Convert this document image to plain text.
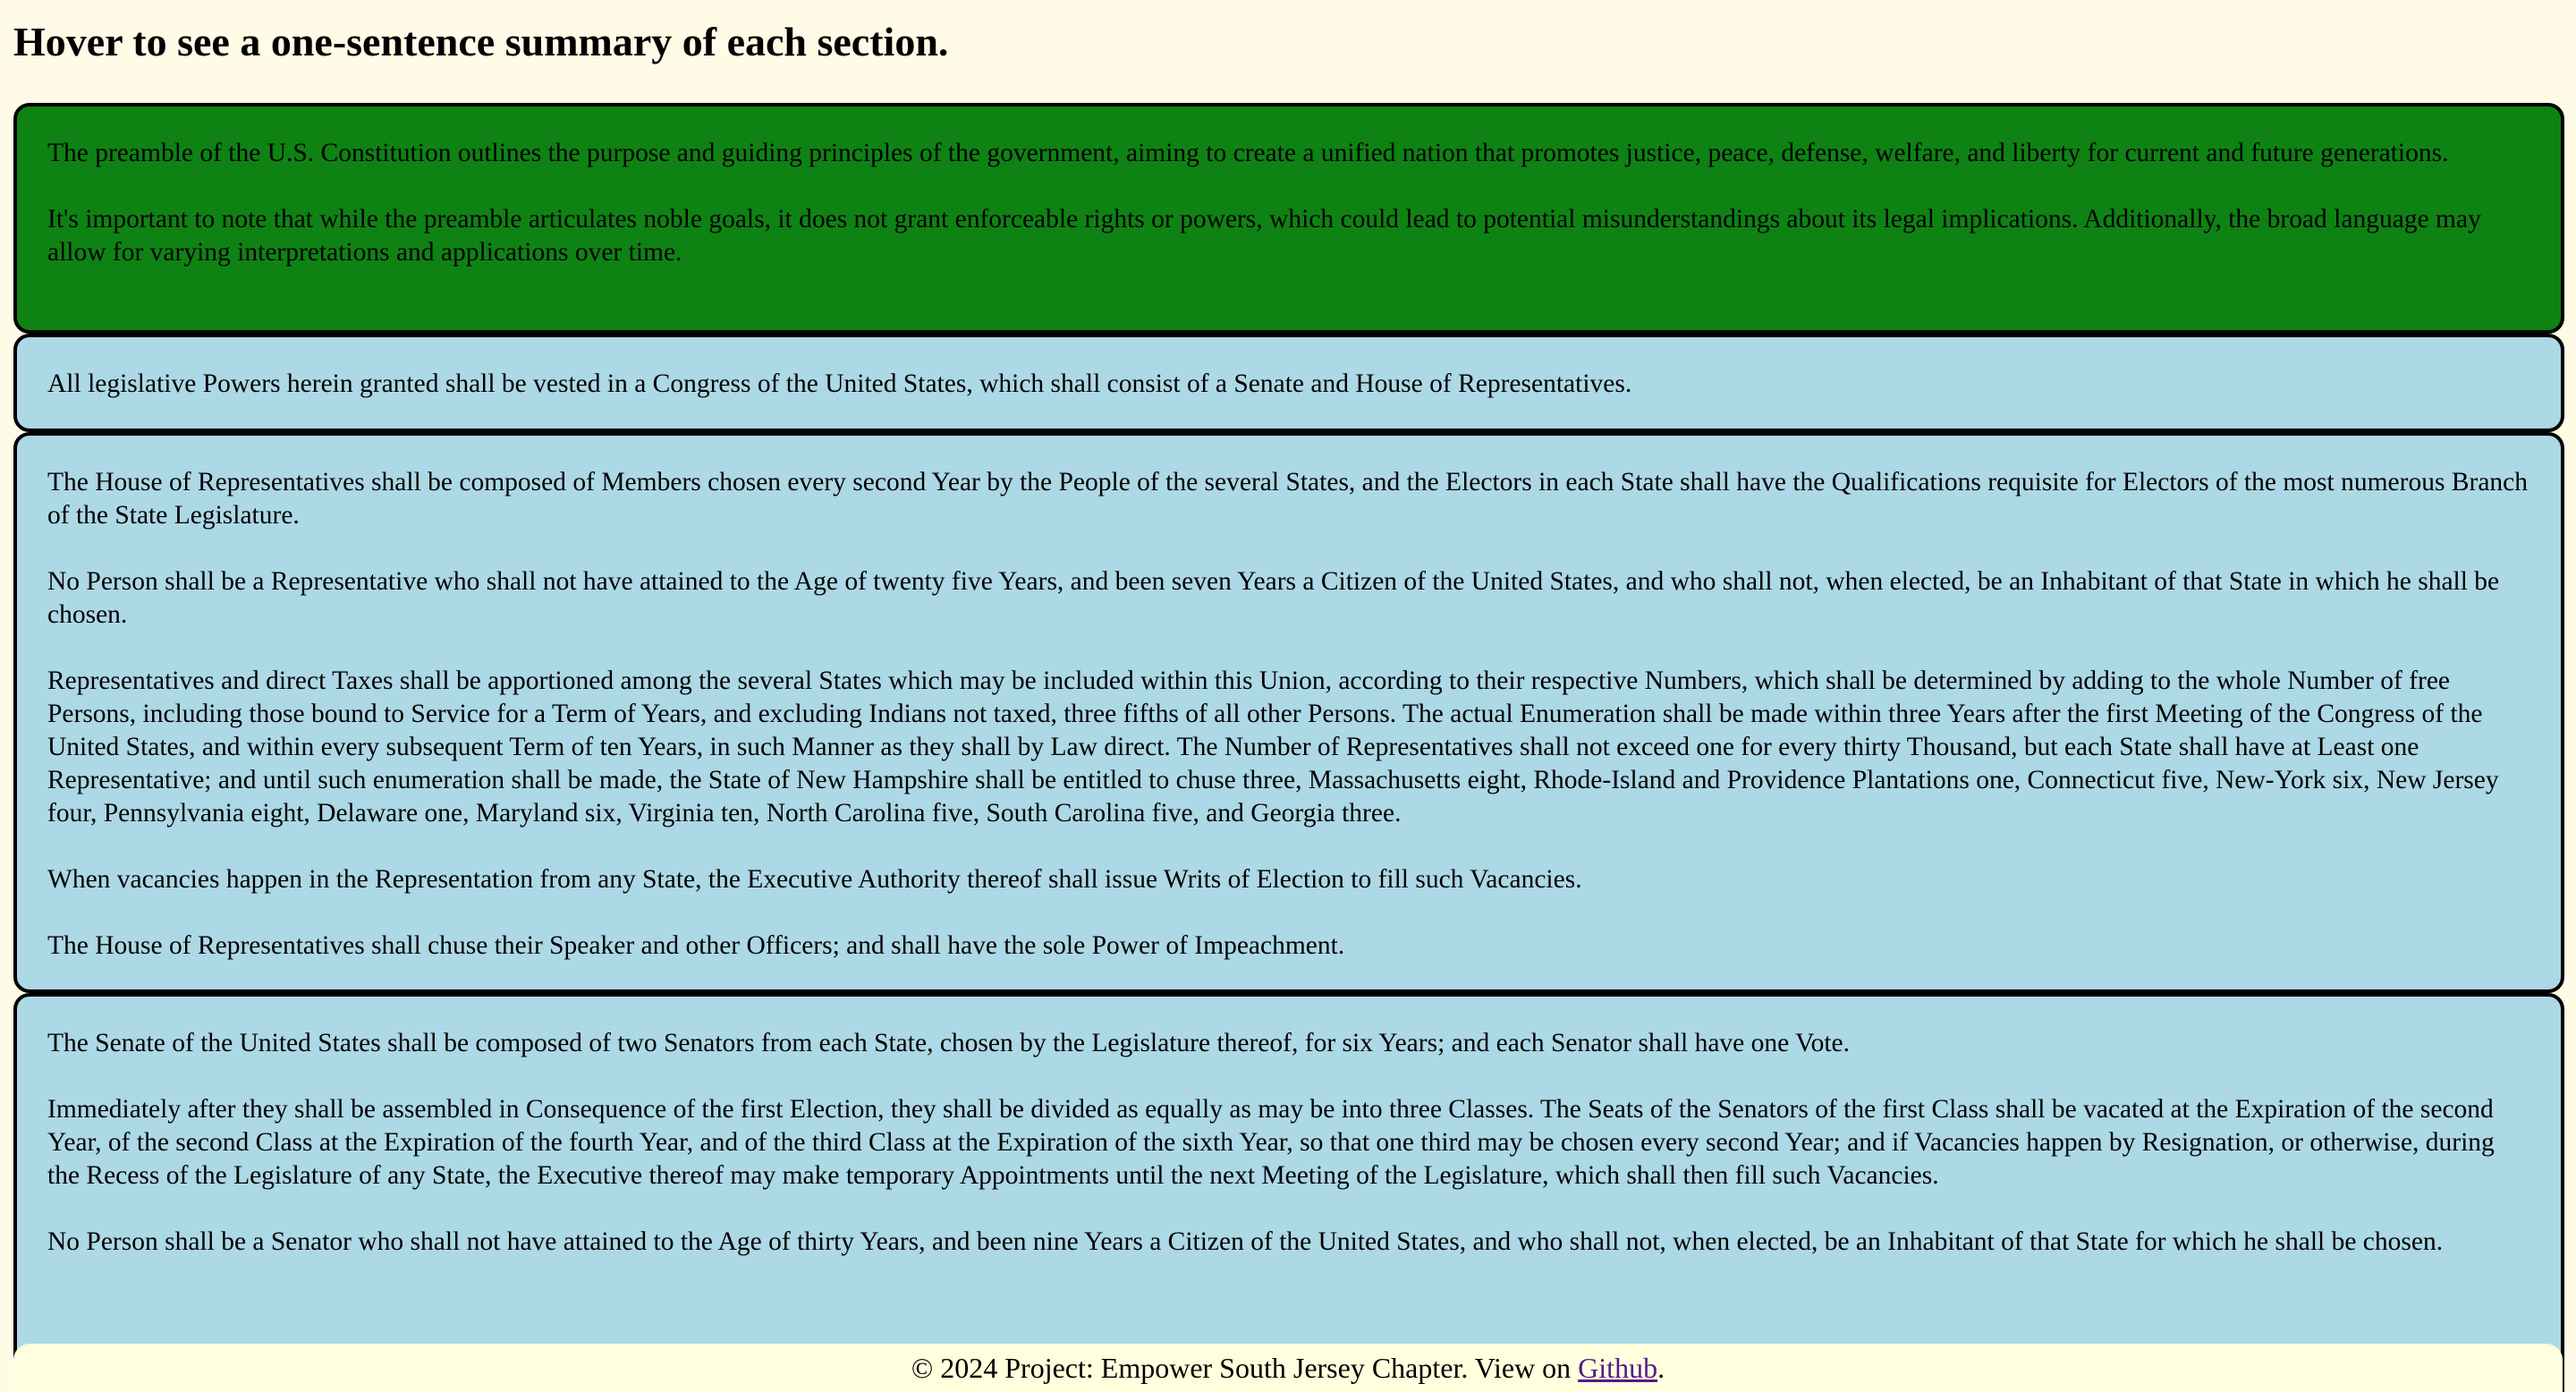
Hover to see a one-sentence summary of each section.

The preamble of the U.S. Constitution outlines the purpose and guiding principles of the government, aiming to create a unified nation that promotes justice, peace, defense, welfare, and liberty for current and future generations.

It's important to note that while the preamble articulates noble goals, it does not grant enforceable rights or powers, which could lead to potential misunderstandings about its legal implications. Additionally, the broad language may allow for varying interpretations and applications over time.

All legislative Powers herein granted shall be vested in a Congress of the United States, which shall consist of a Senate and House of Representatives.

The House of Representatives shall be composed of Members chosen every second Year by the People of the several States, and the Electors in each State shall have the Qualifications requisite for Electors of the most numerous Branch of the State Legislature.

No Person shall be a Representative who shall not have attained to the Age of twenty five Years, and been seven Years a Citizen of the United States, and who shall not, when elected, be an Inhabitant of that State in which he shall be chosen.

Representatives and direct Taxes shall be apportioned among the several States which may be included within this Union, according to their respective Numbers, which shall be determined by adding to the whole Number of free Persons, including those bound to Service for a Term of Years, and excluding Indians not taxed, three fifths of all other Persons. The actual Enumeration shall be made within three Years after the first Meeting of the Congress of the United States, and within every subsequent Term of ten Years, in such Manner as they shall by Law direct. The Number of Representatives shall not exceed one for every thirty Thousand, but each State shall have at Least one Representative; and until such enumeration shall be made, the State of New Hampshire shall be entitled to chuse three, Massachusetts eight, Rhode-Island and Providence Plantations one, Connecticut five, New-York six, New Jersey four, Pennsylvania eight, Delaware one, Maryland six, Virginia ten, North Carolina five, South Carolina five, and Georgia three.

When vacancies happen in the Representation from any State, the Executive Authority thereof shall issue Writs of Election to fill such Vacancies.

The House of Representatives shall chuse their Speaker and other Officers; and shall have the sole Power of Impeachment.

The Senate of the United States shall be composed of two Senators from each State, chosen by the Legislature thereof, for six Years; and each Senator shall have one Vote.

Immediately after they shall be assembled in Consequence of the first Election, they shall be divided as equally as may be into three Classes. The Seats of the Senators of the first Class shall be vacated at the Expiration of the second Year, of the second Class at the Expiration of the fourth Year, and of the third Class at the Expiration of the sixth Year, so that one third may be chosen every second Year; and if Vacancies happen by Resignation, or otherwise, during the Recess of the Legislature of any State, the Executive thereof may make temporary Appointments until the next Meeting of the Legislature, which shall then fill such Vacancies.

No Person shall be a Senator who shall not have attained to the Age of thirty Years, and been nine Years a Citizen of the United States, and who shall not, when elected, be an Inhabitant of that State for which he shall be chosen.

© 2024 Project: Empower South Jersey Chapter. View on Github.
